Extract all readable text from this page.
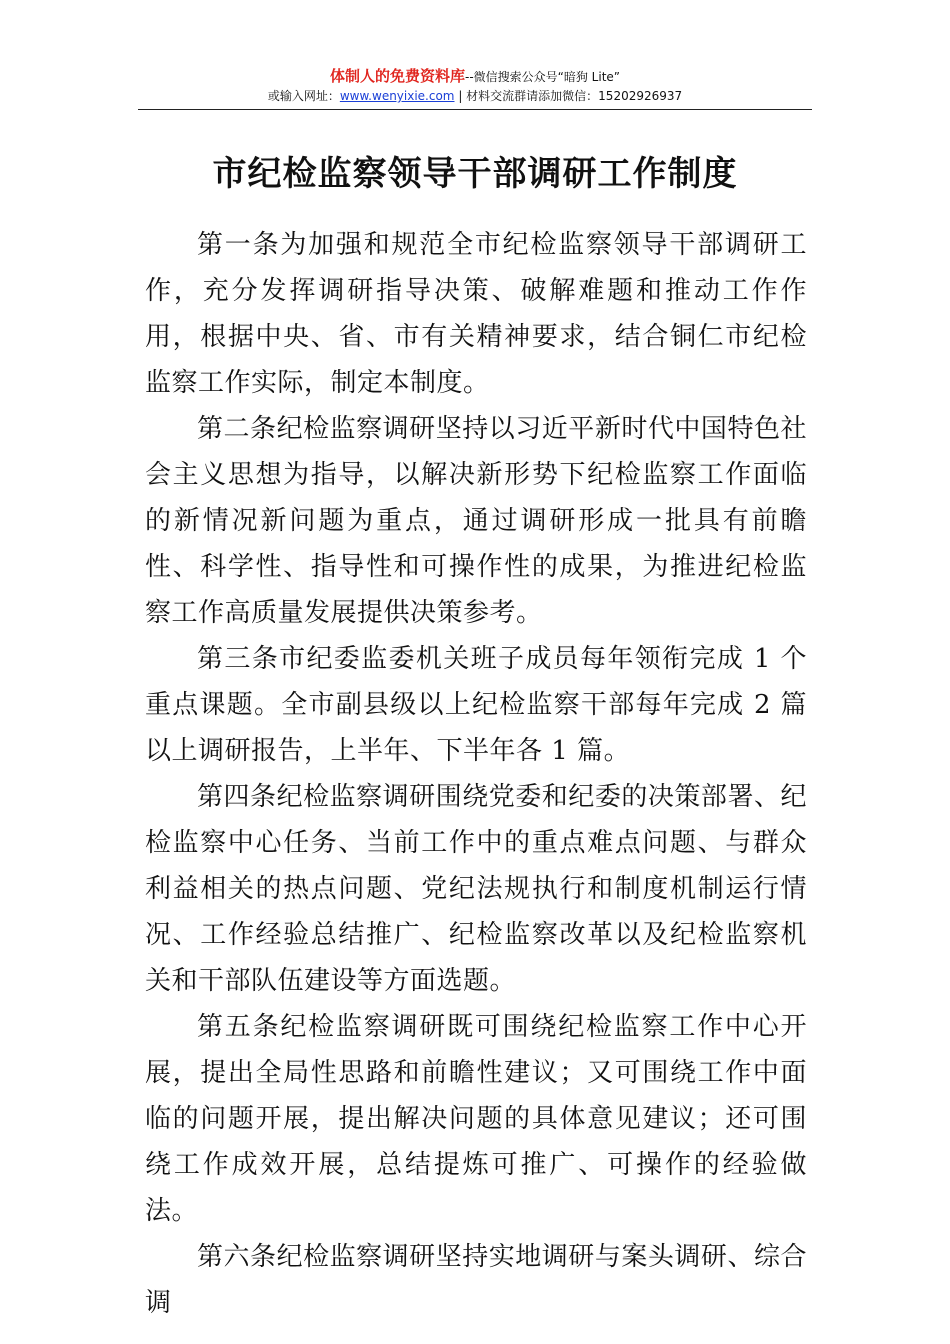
体制人的免费资料库--微信搜索公众号“暗狗 Lite”
或输入网址：www.wenyixie.com | 材料交流群请添加微信：15202926937
市纪检监察领导干部调研工作制度

第一条为加强和规范全市纪检监察领导干部调研工作，充分发挥调研指导决策、破解难题和推动工作作用，根据中央、省、市有关精神要求，结合铜仁市纪检监察工作实际，制定本制度。

第二条纪检监察调研坚持以习近平新时代中国特色社会主义思想为指导，以解决新形势下纪检监察工作面临的新情况新问题为重点，通过调研形成一批具有前瞻性、科学性、指导性和可操作性的成果，为推进纪检监察工作高质量发展提供决策参考。

第三条市纪委监委机关班子成员每年领衔完成 1 个重点课题。全市副县级以上纪检监察干部每年完成 2 篇以上调研报告，上半年、下半年各 1 篇。

第四条纪检监察调研围绕党委和纪委的决策部署、纪检监察中心任务、当前工作中的重点难点问题、与群众利益相关的热点问题、党纪法规执行和制度机制运行情况、工作经验总结推广、纪检监察改革以及纪检监察机关和干部队伍建设等方面选题。

第五条纪检监察调研既可围绕纪检监察工作中心开展，提出全局性思路和前瞻性建议；又可围绕工作中面临的问题开展，提出解决问题的具体意见建议；还可围绕工作成效开展，总结提炼可推广、可操作的经验做法。

第六条纪检监察调研坚持实地调研与案头调研、综合调
